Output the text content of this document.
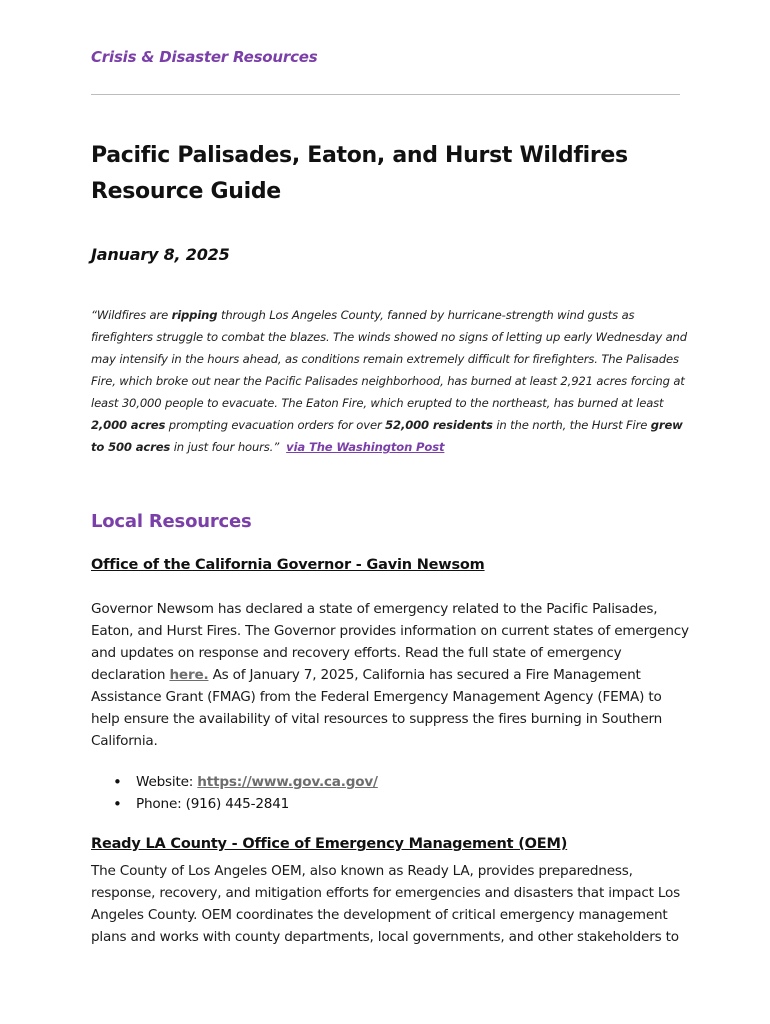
Crisis & Disaster Resources

Pacific Palisades, Eaton, and Hurst Wildfires
Resource Guide

January 8, 2025

“Wildfires are ripping through Los Angeles County, fanned by hurricane-strength wind gusts as firefighters struggle to combat the blazes. The winds showed no signs of letting up early Wednesday and may intensify in the hours ahead, as conditions remain extremely difficult for firefighters. The Palisades Fire, which broke out near the Pacific Palisades neighborhood, has burned at least 2,921 acres forcing at least 30,000 people to evacuate. The Eaton Fire, which erupted to the northeast, has burned at least 2,000 acres prompting evacuation orders for over 52,000 residents in the north, the Hurst Fire grew to 500 acres in just four hours.” via The Washington Post

Local Resources
Office of the California Governor - Gavin Newsom

Governor Newsom has declared a state of emergency related to the Pacific Palisades, Eaton, and Hurst Fires. The Governor provides information on current states of emergency and updates on response and recovery efforts. Read the full state of emergency declaration here. As of January 7, 2025, California has secured a Fire Management Assistance Grant (FMAG) from the Federal Emergency Management Agency (FEMA) to help ensure the availability of vital resources to suppress the fires burning in Southern California.

• Website: https://www.gov.ca.gov/
• Phone: (916) 445-2841
Ready LA County - Office of Emergency Management (OEM)

The County of Los Angeles OEM, also known as Ready LA, provides preparedness, response, recovery, and mitigation efforts for emergencies and disasters that impact Los Angeles County. OEM coordinates the development of critical emergency management plans and works with county departments, local governments, and other stakeholders to
